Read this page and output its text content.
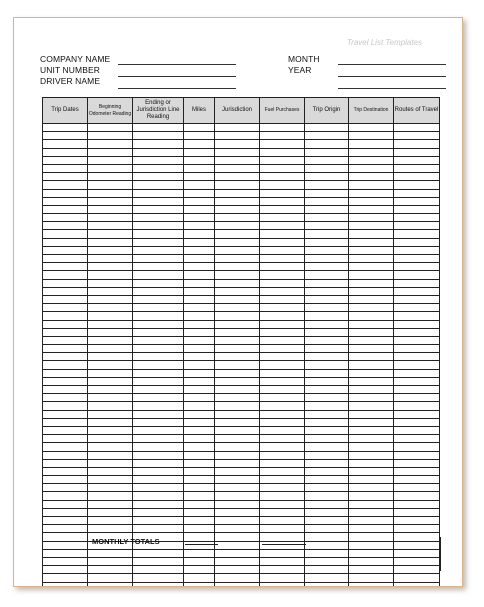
Travel List Templates
COMPANY NAME
UNIT NUMBER
DRIVER NAME
MONTH
YEAR
Trip Dates	Beginning Odometer Reading	Ending or Jurisdiction Line Reading	Miles	Jurisdiction	Fuel Purchases	Trip Origin	Trip Destination	Routes of Travel

MONTHLY TOTALS
